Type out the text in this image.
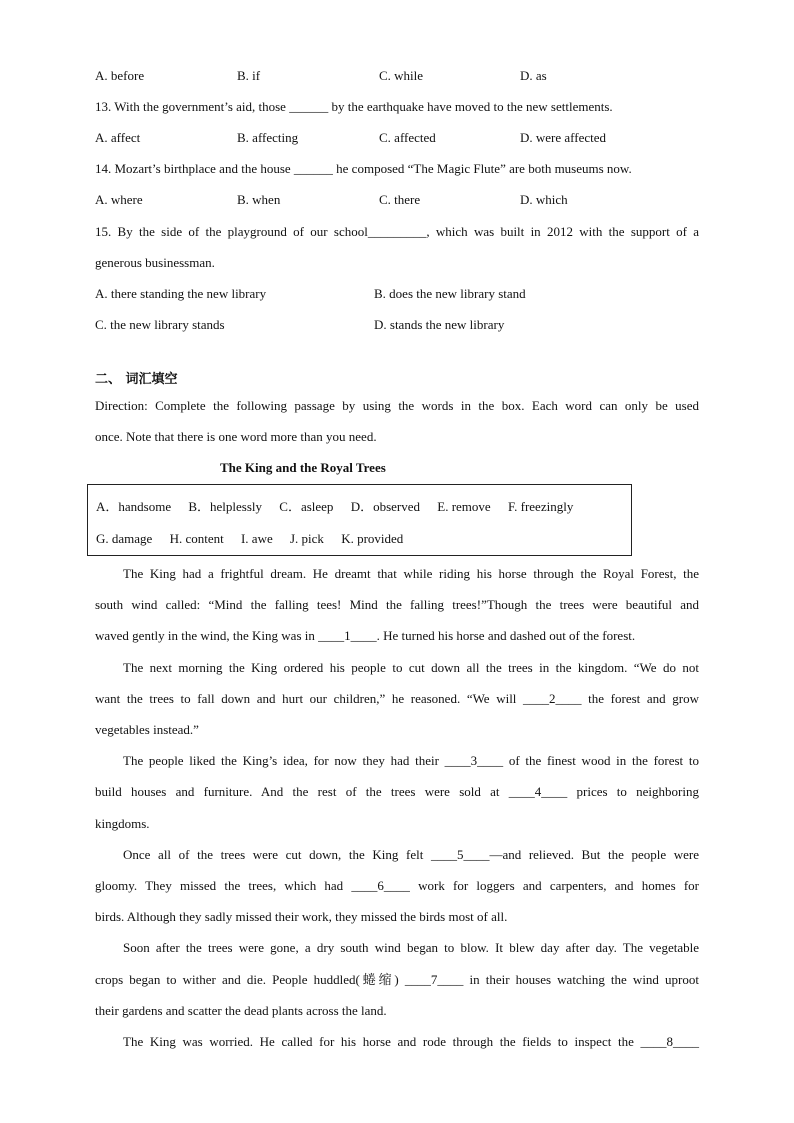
A. before	B. if	C. while	D. as
13. With the government’s aid, those ______ by the earthquake have moved to the new settlements.
A. affect	B. affecting	C. affected	D. were affected
14. Mozart’s birthplace and the house ______ he composed “The Magic Flute” are both museums now.
A. where	B. when	C. there	D. which
15. By the side of the playground of our school_________, which was built in 2012 with the support of a
generous businessman.
A. there standing the new library	B. does the new library stand
C. the new library stands	D. stands the new library
二、 词汇填空
Direction: Complete the following passage by using the words in the box. Each word can only be used
once. Note that there is one word more than you need.
The King and the Royal Trees
A．handsome B．helplessly C．asleep D．observed E. remove F. freezingly
G. damage H. content I. awe J. pick K. provided
The King had a frightful dream. He dreamt that while riding his horse through the Royal Forest, the
south wind called: “Mind the falling tees! Mind the falling trees!”Though the trees were beautiful and
waved gently in the wind, the King was in ____1____. He turned his horse and dashed out of the forest.
The next morning the King ordered his people to cut down all the trees in the kingdom. “We do not
want the trees to fall down and hurt our children,” he reasoned. “We will ____2____ the forest and grow
vegetables instead.”
The people liked the King’s idea, for now they had their ____3____ of the finest wood in the forest to
build houses and furniture. And the rest of the trees were sold at ____4____ prices to neighboring
kingdoms.
Once all of the trees were cut down, the King felt ____5____—and relieved. But the people were
gloomy. They missed the trees, which had ____6____ work for loggers and carpenters, and homes for
birds. Although they sadly missed their work, they missed the birds most of all.
Soon after the trees were gone, a dry south wind began to blow. It blew day after day. The vegetable
crops began to wither and die. People huddled(蜷缩) ____7____ in their houses watching the wind uproot
their gardens and scatter the dead plants across the land.
The King was worried. He called for his horse and rode through the fields to inspect the ____8____
